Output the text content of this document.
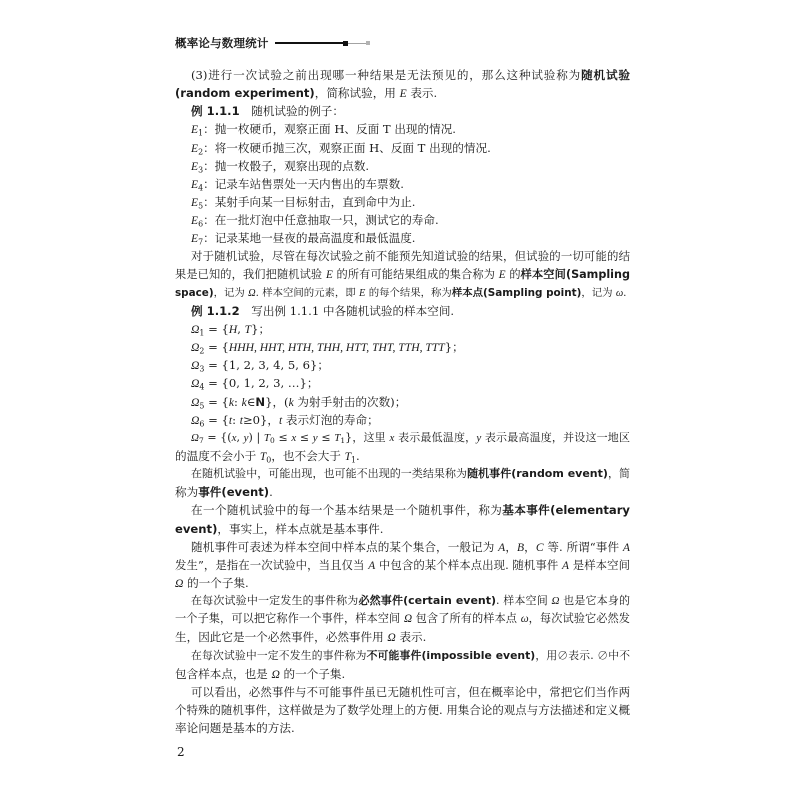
概率论与数理统计
(3)进行一次试验之前出现哪一种结果是无法预见的，那么这种试验称为随机试验
(random experiment)，简称试验，用 E 表示.
例 1.1.1　随机试验的例子：
$E_1$：抛一枚硬币，观察正面 H、反面 T 出现的情况.
$E_2$：将一枚硬币抛三次，观察正面 H、反面 T 出现的情况.
$E_3$：抛一枚骰子，观察出现的点数.
$E_4$：记录车站售票处一天内售出的车票数.
$E_5$：某射手向某一目标射击，直到命中为止.
$E_6$：在一批灯泡中任意抽取一只，测试它的寿命.
$E_7$：记录某地一昼夜的最高温度和最低温度.
对于随机试验，尽管在每次试验之前不能预先知道试验的结果，但试验的一切可能的结
果是已知的，我们把随机试验 E 的所有可能结果组成的集合称为 E 的样本空间(Sampling
space)，记为 Ω. 样本空间的元素，即 E 的每个结果，称为样本点(Sampling point)，记为 ω.
例 1.1.2　写出例 1.1.1 中各随机试验的样本空间.
$\Omega_1 = \{H$, T}；
$\Omega_2 = \{HHH$, HHT, HTH, THH, HTT, THT, TTH, TTT}；
$\Omega_3 = \{1$, 2, 3, 4, 5, 6}；
$\Omega_4 = \{0$, 1, 2, 3, …}；
$\Omega_5 = \{k$: k∈N}，(k 为射手射击的次数)；
$\Omega_6 = \{t$: t≥0}，t 表示灯泡的寿命；
$\Omega_7 = \{(x$, y) | $T_0 \le x \le y \le T_1$}，这里 x 表示最低温度，y 表示最高温度，并设这一地区
的温度不会小于 $T_0$，也不会大于 $T_1$.
在随机试验中，可能出现，也可能不出现的一类结果称为随机事件(random event)，简
称为事件(event).
在一个随机试验中的每一个基本结果是一个随机事件，称为基本事件(elementary
event)，事实上，样本点就是基本事件.
随机事件可表述为样本空间中样本点的某个集合，一般记为 A，B，C 等. 所谓“事件 A
发生”，是指在一次试验中，当且仅当 A 中包含的某个样本点出现. 随机事件 A 是样本空间
Ω 的一个子集.
在每次试验中一定发生的事件称为必然事件(certain event). 样本空间 Ω 也是它本身的
一个子集，可以把它称作一个事件，样本空间 Ω 包含了所有的样本点 ω，每次试验它必然发
生，因此它是一个必然事件，必然事件用 Ω 表示.
在每次试验中一定不发生的事件称为不可能事件(impossible event)，用∅表示. ∅中不
包含样本点，也是 Ω 的一个子集.
可以看出，必然事件与不可能事件虽已无随机性可言，但在概率论中，常把它们当作两
个特殊的随机事件，这样做是为了数学处理上的方便. 用集合论的观点与方法描述和定义概
率论问题是基本的方法.
2
